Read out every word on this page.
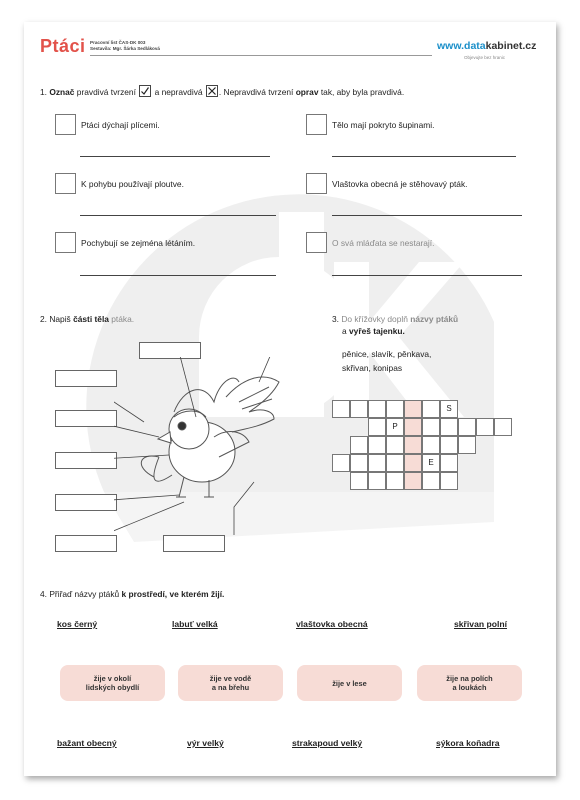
Ptáci Pracovní list ČAS-DK 003
Sestavila: Mgr. Šárka Sedláková	www.datakabinet.cz
Objevujte bez hranic
1. Označ pravdivá tvrzení a nepravdivá . Nepravdivá tvrzení oprav tak, aby byla pravdivá.
Ptáci dýchají plícemi.
K pohybu používají ploutve.
Pochybují se zejména létáním.
Tělo mají pokryto šupinami.
Vlaštovka obecná je stěhovavý pták.
O svá mláďata se nestarají.
2. Napiš části těla ptáka.	3. Do křížovky doplň názvy ptáků
a vyřeš tajenku.
pěnice, slavík, pěnkava,
skřivan, konipas
S
P
E
4. Přiřaď názvy ptáků k prostředí, ve kterém žijí.
kos černý	labuť velká	vlaštovka obecná	skřivan polní
žije v okolí
lidských obydlí
žije ve vodě
a na břehu	žije v lese	žije na polích
a loukách
bažant obecný	výr velký	strakapoud velký	sýkora koňadra
